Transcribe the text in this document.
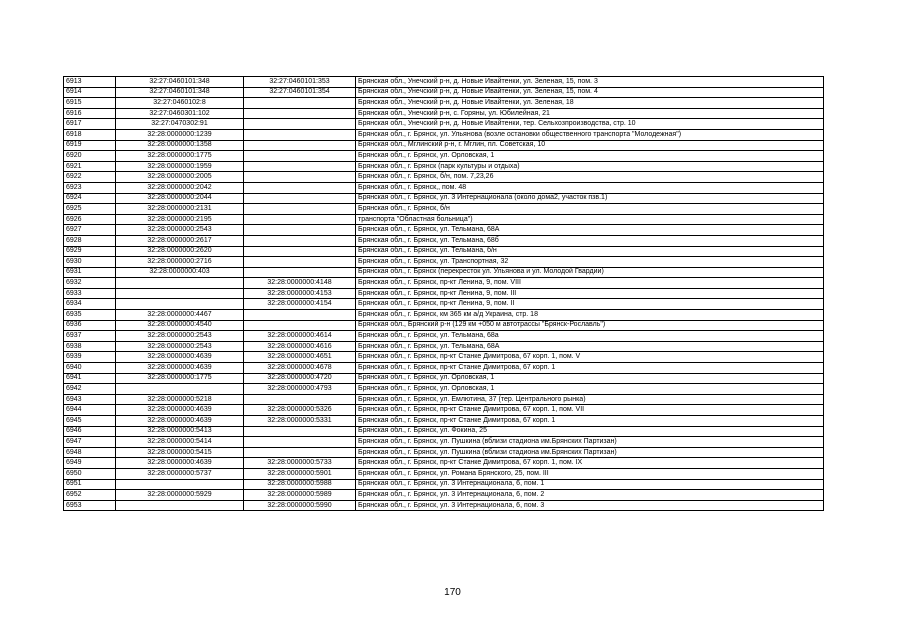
6913	32:27:0460101:348	32:27:0460101:353	Брянская обл., Унечский р-н, д. Новые Ивайтенки, ул. Зеленая, 15, пом. 3
6914	32:27:0460101:348	32:27:0460101:354	Брянская обл., Унечский р-н, д. Новые Ивайтенки, ул. Зеленая, 15, пом. 4
6915	32:27:0460102:8		Брянская обл., Унечский р-н, д. Новые Ивайтенки, ул. Зеленая, 18
6916	32:27:0460301:102		Брянская обл., Унечский р-н, с. Горяны, ул. Юбилейная, 21
6917	32:27:0470302:91		Брянская обл., Унечский р-н, д. Новые Ивайтенки, тер. Сельхозпроизводства, стр. 10
6918	32:28:0000000:1239		Брянская обл., г. Брянск, ул. Ульянова (возле остановки общественного транспорта "Молодежная")
6919	32:28:0000000:1358		Брянская обл., Мглинский р-н, г. Мглин, пл. Советская, 10
6920	32:28:0000000:1775		Брянская обл., г. Брянск, ул. Орловская, 1
6921	32:28:0000000:1959		Брянская обл., г. Брянск (парк культуры и отдыха)
6922	32:28:0000000:2005		Брянская обл., г. Брянск, б/н, пом. 7,23,26
6923	32:28:0000000:2042		Брянская обл., г. Брянск,, пом. 48
6924	32:28:0000000:2044		Брянская обл., г. Брянск, ул. 3 Интернационала (около дома2, участок пзв.1)
6925	32:28:0000000:2131		Брянская обл., г. Брянск, б/н
6926	32:28:0000000:2195		транспорта "Областная больница")
6927	32:28:0000000:2543		Брянская обл., г. Брянск, ул. Тельмана, 68А
6928	32:28:0000000:2617		Брянская обл., г. Брянск, ул. Тельмана, 68б
6929	32:28:0000000:2620		Брянская обл., г. Брянск, ул. Тельмана, б/н
6930	32:28:0000000:2716		Брянская обл., г. Брянск, ул. Транспортная, 32
6931	32:28:0000000:403		Брянская обл., г. Брянск (перекресток ул. Ульянова и ул. Молодой Гвардии)
6932		32:28:0000000:4148	Брянская обл., г. Брянск, пр-кт Ленина, 9, пом. VIII
6933		32:28:0000000:4153	Брянская обл., г. Брянск, пр-кт Ленина, 9, пом. III
6934		32:28:0000000:4154	Брянская обл., г. Брянск, пр-кт Ленина, 9, пом. II
6935	32:28:0000000:4467		Брянская обл., г. Брянск, км 365 км а/д Украина, стр. 18
6936	32:28:0000000:4540		Брянская обл., Брянский р-н (129 км +050 м автотрассы "Брянск-Рославль")
6937	32:28:0000000:2543	32:28:0000000:4614	Брянская обл., г. Брянск, ул. Тельмана, 68а
6938	32:28:0000000:2543	32:28:0000000:4616	Брянская обл., г. Брянск, ул. Тельмана, 68А
6939	32:28:0000000:4639	32:28:0000000:4651	Брянская обл., г. Брянск, пр-кт Станке Димитрова, 67 корп. 1, пом. V
6940	32:28:0000000:4639	32:28:0000000:4678	Брянская обл., г. Брянск, пр-кт Станке Димитрова, 67 корп. 1
6941	32:28:0000000:1775	32:28:0000000:4720	Брянская обл., г. Брянск, ул. Орловская, 1
6942		32:28:0000000:4793	Брянская обл., г. Брянск, ул. Орловская, 1
6943	32:28:0000000:5218		Брянская обл., г. Брянск, ул. Емлютина, 37 (тер. Центрального рынка)
6944	32:28:0000000:4639	32:28:0000000:5326	Брянская обл., г. Брянск, пр-кт Станке Димитрова, 67 корп. 1, пом. VII
6945	32:28:0000000:4639	32:28:0000000:5331	Брянская обл., г. Брянск, пр-кт Станке Димитрова, 67 корп. 1
6946	32:28:0000000:5413		Брянская обл., г. Брянск, ул. Фокина, 25
6947	32:28:0000000:5414		Брянская обл., г. Брянск, ул. Пушкина (вблизи стадиона им.Брянских Партизан)
6948	32:28:0000000:5415		Брянская обл., г. Брянск, ул. Пушкина (вблизи стадиона им.Брянских Партизан)
6949	32:28:0000000:4639	32:28:0000000:5733	Брянская обл., г. Брянск, пр-кт Станке Димитрова, 67 корп. 1, пом. IX
6950	32:28:0000000:5737	32:28:0000000:5901	Брянская обл., г. Брянск, ул. Романа Брянского, 25, пом. III
6951		32:28:0000000:5988	Брянская обл., г. Брянск, ул. 3 Интернационала, 6, пом. 1
6952	32:28:0000000:5929	32:28:0000000:5989	Брянская обл., г. Брянск, ул. 3 Интернационала, 6, пом. 2
6953		32:28:0000000:5990	Брянская обл., г. Брянск, ул. 3 Интернационала, 6, пом. 3
170
